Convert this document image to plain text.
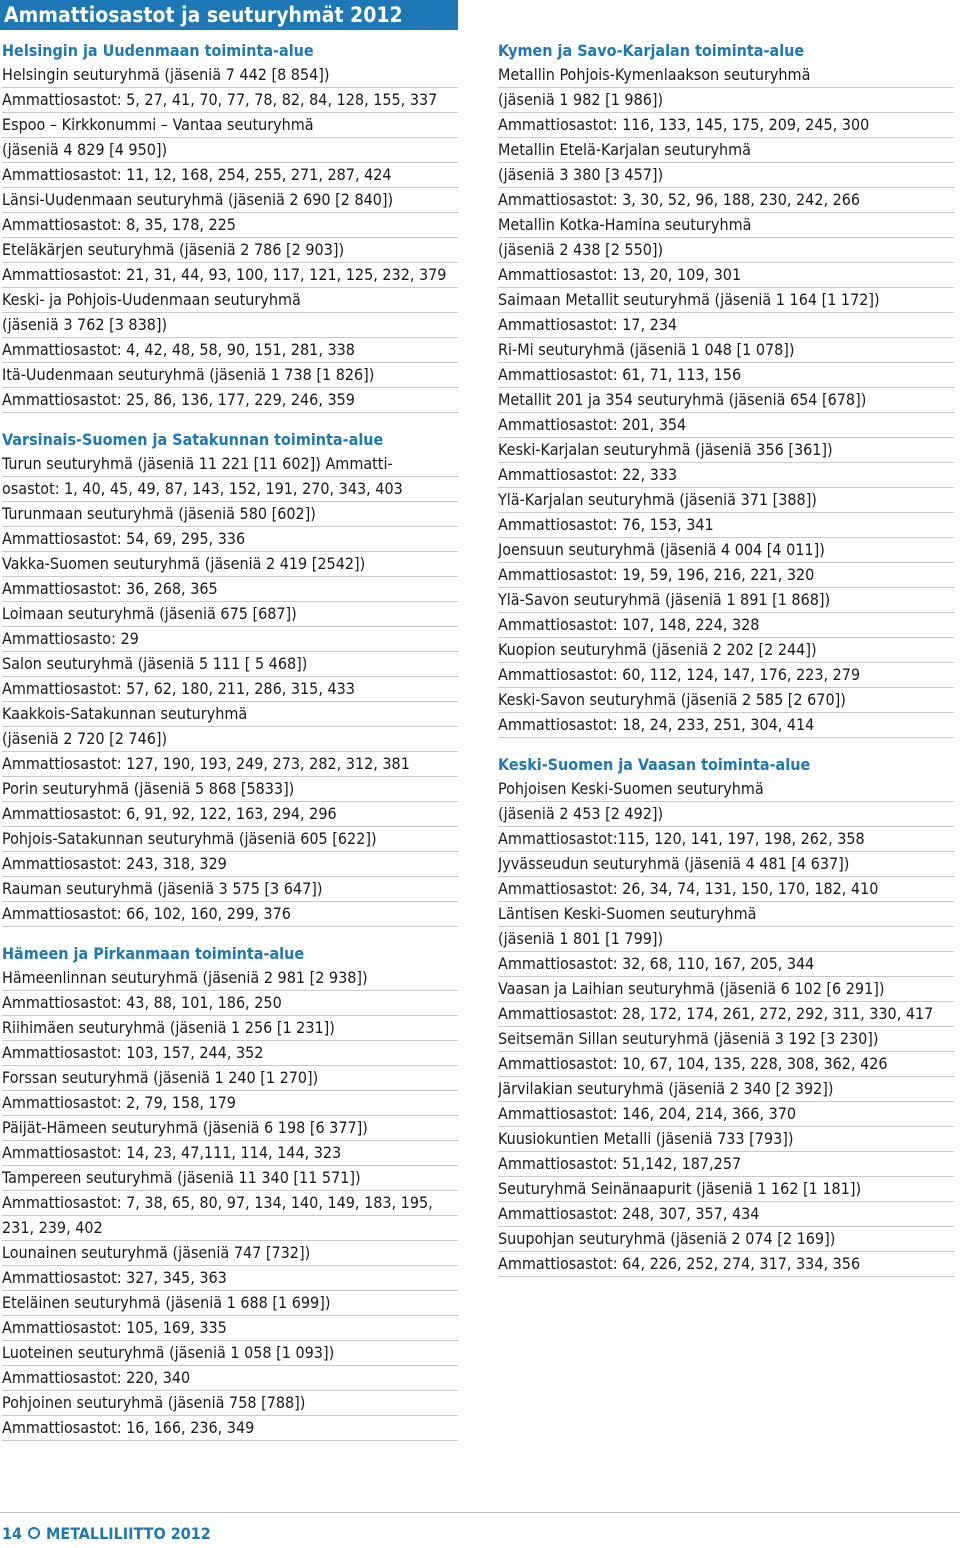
Ammattiosastot ja seuturyhmät 2012
Helsingin ja Uudenmaan toiminta-alue
Helsingin seuturyhmä (jäseniä 7 442 [8 854])
Ammattiosastot: 5, 27, 41, 70, 77, 78, 82, 84, 128, 155, 337
Espoo – Kirkkonummi – Vantaa seuturyhmä
(jäseniä 4 829 [4 950])
Ammattiosastot: 11, 12, 168, 254, 255, 271, 287, 424
Länsi-Uudenmaan seuturyhmä (jäseniä 2 690 [2 840])
Ammattiosastot: 8, 35, 178, 225
Eteläkärjen seuturyhmä (jäseniä 2 786 [2 903])
Ammattiosastot: 21, 31, 44, 93, 100, 117, 121, 125, 232, 379
Keski- ja Pohjois-Uudenmaan seuturyhmä
(jäseniä 3 762 [3 838])
Ammattiosastot: 4, 42, 48, 58, 90, 151, 281, 338
Itä-Uudenmaan seuturyhmä (jäseniä 1 738 [1 826])
Ammattiosastot: 25, 86, 136, 177, 229, 246, 359
Varsinais-Suomen ja Satakunnan toiminta-alue
Turun seuturyhmä (jäseniä 11 221 [11 602]) Ammatti-
osastot: 1, 40, 45, 49, 87, 143, 152, 191, 270, 343, 403
Turunmaan seuturyhmä (jäseniä 580 [602])
Ammattiosastot: 54, 69, 295, 336
Vakka-Suomen seuturyhmä (jäseniä 2 419 [2542])
Ammattiosastot: 36, 268, 365
Loimaan seuturyhmä (jäseniä 675 [687])
Ammattiosasto: 29
Salon seuturyhmä (jäseniä 5 111 [ 5 468])
Ammattiosastot: 57, 62, 180, 211, 286, 315, 433
Kaakkois-Satakunnan seuturyhmä
(jäseniä 2 720 [2 746])
Ammattiosastot: 127, 190, 193, 249, 273, 282, 312, 381
Porin seuturyhmä (jäseniä 5 868 [5833])
Ammattiosastot: 6, 91, 92, 122, 163, 294, 296
Pohjois-Satakunnan seuturyhmä (jäseniä 605 [622])
Ammattiosastot: 243, 318, 329
Rauman seuturyhmä (jäseniä 3 575 [3 647])
Ammattiosastot: 66, 102, 160, 299, 376
Hämeen ja Pirkanmaan toiminta-alue
Hämeenlinnan seuturyhmä (jäseniä 2 981 [2 938])
Ammattiosastot: 43, 88, 101, 186, 250
Riihimäen seuturyhmä (jäseniä 1 256 [1 231])
Ammattiosastot: 103, 157, 244, 352
Forssan seuturyhmä (jäseniä 1 240 [1 270])
Ammattiosastot: 2, 79, 158, 179
Päijät-Hämeen seuturyhmä (jäseniä 6 198 [6 377])
Ammattiosastot: 14, 23, 47,111, 114, 144, 323
Tampereen seuturyhmä (jäseniä 11 340 [11 571])
Ammattiosastot: 7, 38, 65, 80, 97, 134, 140, 149, 183, 195,
231, 239, 402
Lounainen seuturyhmä (jäseniä 747 [732])
Ammattiosastot: 327, 345, 363
Eteläinen seuturyhmä (jäseniä 1 688 [1 699])
Ammattiosastot: 105, 169, 335
Luoteinen seuturyhmä (jäseniä 1 058 [1 093])
Ammattiosastot: 220, 340
Pohjoinen seuturyhmä (jäseniä 758 [788])
Ammattiosastot: 16, 166, 236, 349
Kymen ja Savo-Karjalan toiminta-alue
Metallin Pohjois-Kymenlaakson seuturyhmä
(jäseniä 1 982 [1 986])
Ammattiosastot: 116, 133, 145, 175, 209, 245, 300
Metallin Etelä-Karjalan seuturyhmä
(jäseniä 3 380 [3 457])
Ammattiosastot: 3, 30, 52, 96, 188, 230, 242, 266
Metallin Kotka-Hamina seuturyhmä
(jäseniä 2 438 [2 550])
Ammattiosastot: 13, 20, 109, 301
Saimaan Metallit seuturyhmä (jäseniä 1 164 [1 172])
Ammattiosastot: 17, 234
Ri-Mi seuturyhmä (jäseniä 1 048 [1 078])
Ammattiosastot: 61, 71, 113, 156
Metallit 201 ja 354 seuturyhmä (jäseniä 654 [678])
Ammattiosastot: 201, 354
Keski-Karjalan seuturyhmä (jäseniä 356 [361])
Ammattiosastot: 22, 333
Ylä-Karjalan seuturyhmä (jäseniä 371 [388])
Ammattiosastot: 76, 153, 341
Joensuun seuturyhmä (jäseniä 4 004 [4 011])
Ammattiosastot: 19, 59, 196, 216, 221, 320
Ylä-Savon seuturyhmä (jäseniä 1 891 [1 868])
Ammattiosastot: 107, 148, 224, 328
Kuopion seuturyhmä (jäseniä 2 202 [2 244])
Ammattiosastot: 60, 112, 124, 147, 176, 223, 279
Keski-Savon seuturyhmä (jäseniä 2 585 [2 670])
Ammattiosastot: 18, 24, 233, 251, 304, 414
Keski-Suomen ja Vaasan toiminta-alue
Pohjoisen Keski-Suomen seuturyhmä
(jäseniä 2 453 [2 492])
Ammattiosastot:115, 120, 141, 197, 198, 262, 358
Jyvässeudun seuturyhmä (jäseniä 4 481 [4 637])
Ammattiosastot: 26, 34, 74, 131, 150, 170, 182, 410
Läntisen Keski-Suomen seuturyhmä
(jäseniä 1 801 [1 799])
Ammattiosastot: 32, 68, 110, 167, 205, 344
Vaasan ja Laihian seuturyhmä (jäseniä 6 102 [6 291])
Ammattiosastot: 28, 172, 174, 261, 272, 292, 311, 330, 417
Seitsemän Sillan seuturyhmä (jäseniä 3 192 [3 230])
Ammattiosastot: 10, 67, 104, 135, 228, 308, 362, 426
Järvilakian seuturyhmä (jäseniä 2 340 [2 392])
Ammattiosastot: 146, 204, 214, 366, 370
Kuusiokuntien Metalli (jäseniä 733 [793])
Ammattiosastot: 51,142, 187,257
Seuturyhmä Seinänaapurit (jäseniä 1 162 [1 181])
Ammattiosastot: 248, 307, 357, 434
Suupohjan seuturyhmä (jäseniä 2 074 [2 169])
Ammattiosastot: 64, 226, 252, 274, 317, 334, 356
14 METALLILIITTO 2012
